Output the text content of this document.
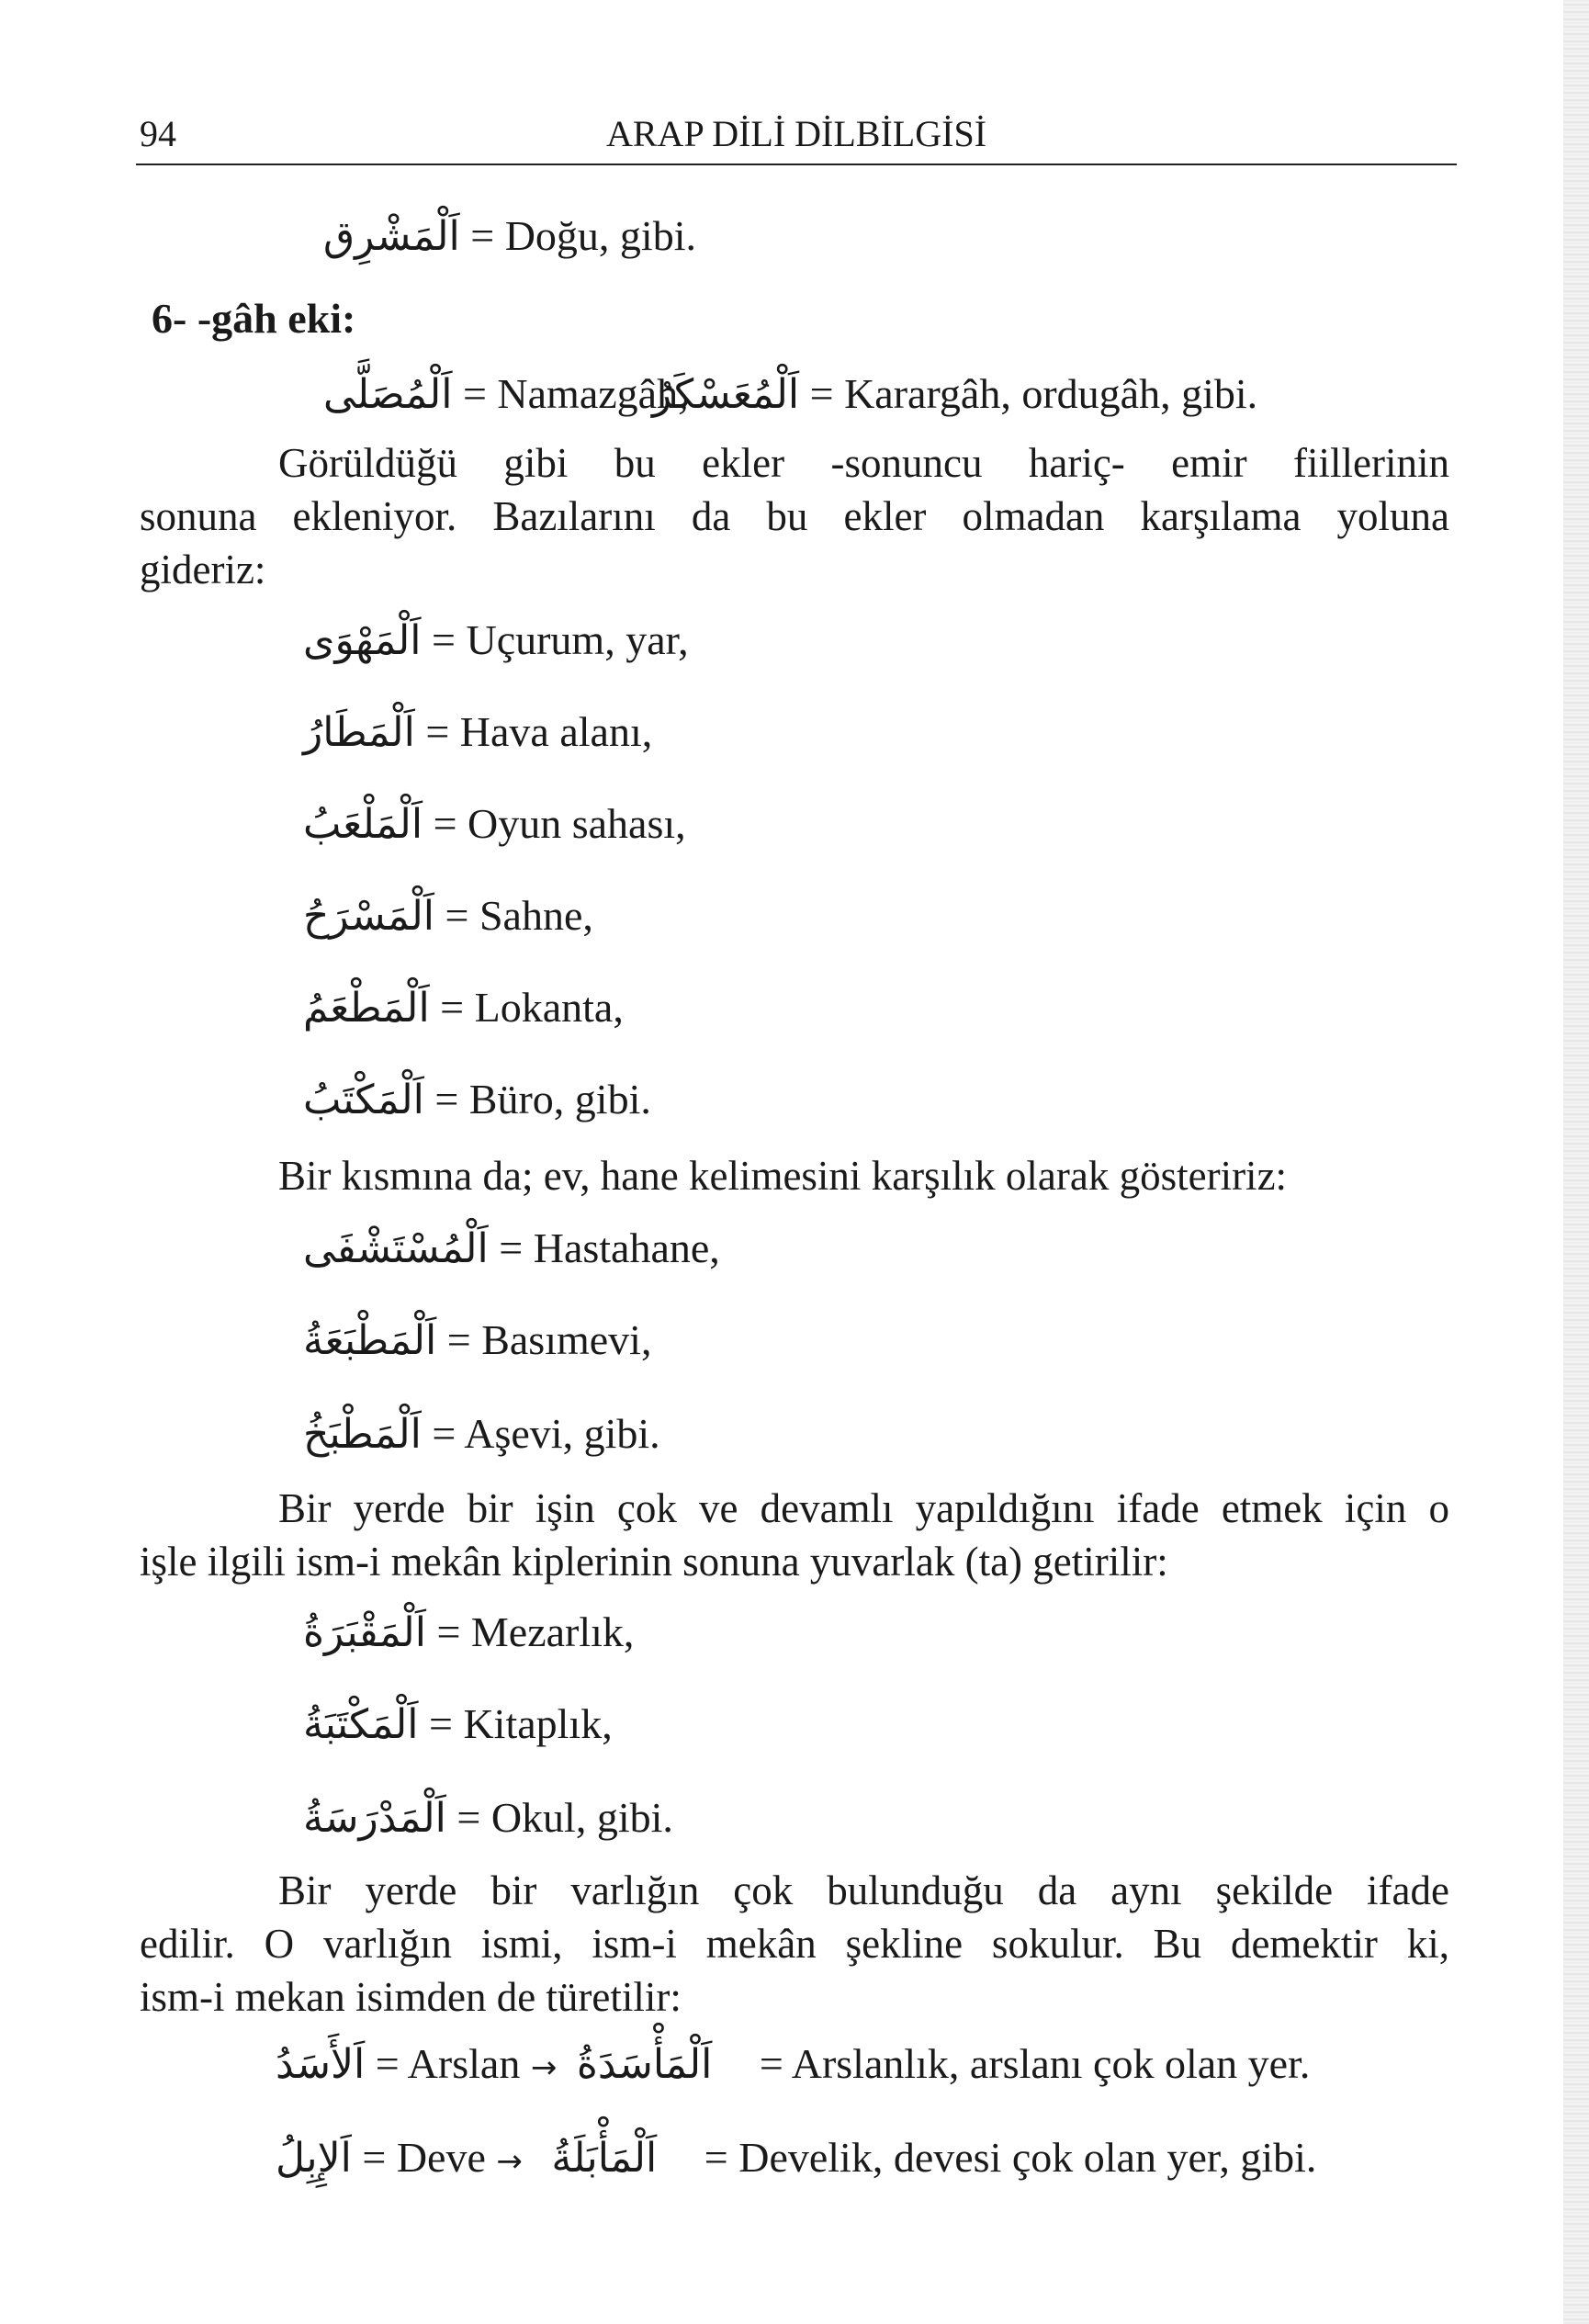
94	ARAP DİLİ DİLBİLGİSİ
اَلْمَشْرِق = Doğu, gibi.
6- -gâh eki:
اَلْمُصَلَّى = Namazgâh,
اَلْمُعَسْكَرُ = Karargâh, ordugâh, gibi.
Görüldüğü gibi bu ekler -sonuncu hariç- emir fiillerinin
sonuna ekleniyor. Bazılarını da bu ekler olmadan karşılama yoluna
gideriz:
اَلْمَهْوَى = Uçurum, yar,
اَلْمَطَارُ = Hava alanı,
اَلْمَلْعَبُ = Oyun sahası,
اَلْمَسْرَحُ = Sahne,
اَلْمَطْعَمُ = Lokanta,
اَلْمَكْتَبُ = Büro, gibi.
Bir kısmına da; ev, hane kelimesini karşılık olarak gösteririz:
اَلْمُسْتَشْفَى = Hastahane,
اَلْمَطْبَعَةُ = Basımevi,
اَلْمَطْبَخُ = Aşevi, gibi.
Bir yerde bir işin çok ve devamlı yapıldığını ifade etmek için o
işle ilgili ism-i mekân kiplerinin sonuna yuvarlak (ta) getirilir:
اَلْمَقْبَرَةُ = Mezarlık,
اَلْمَكْتَبَةُ = Kitaplık,
اَلْمَدْرَسَةُ = Okul, gibi.
Bir yerde bir varlığın çok bulunduğu da aynı şekilde ifade
edilir. O varlığın ismi, ism-i mekân şekline sokulur. Bu demektir ki,
ism-i mekan isimden de türetilir:
اَلأَسَدُ = Arslan → اَلْمَأْسَدَةُ = Arslanlık, arslanı çok olan yer.
اَلإِبِلُ = Deve → اَلْمَأْبَلَةُ = Develik, devesi çok olan yer, gibi.
